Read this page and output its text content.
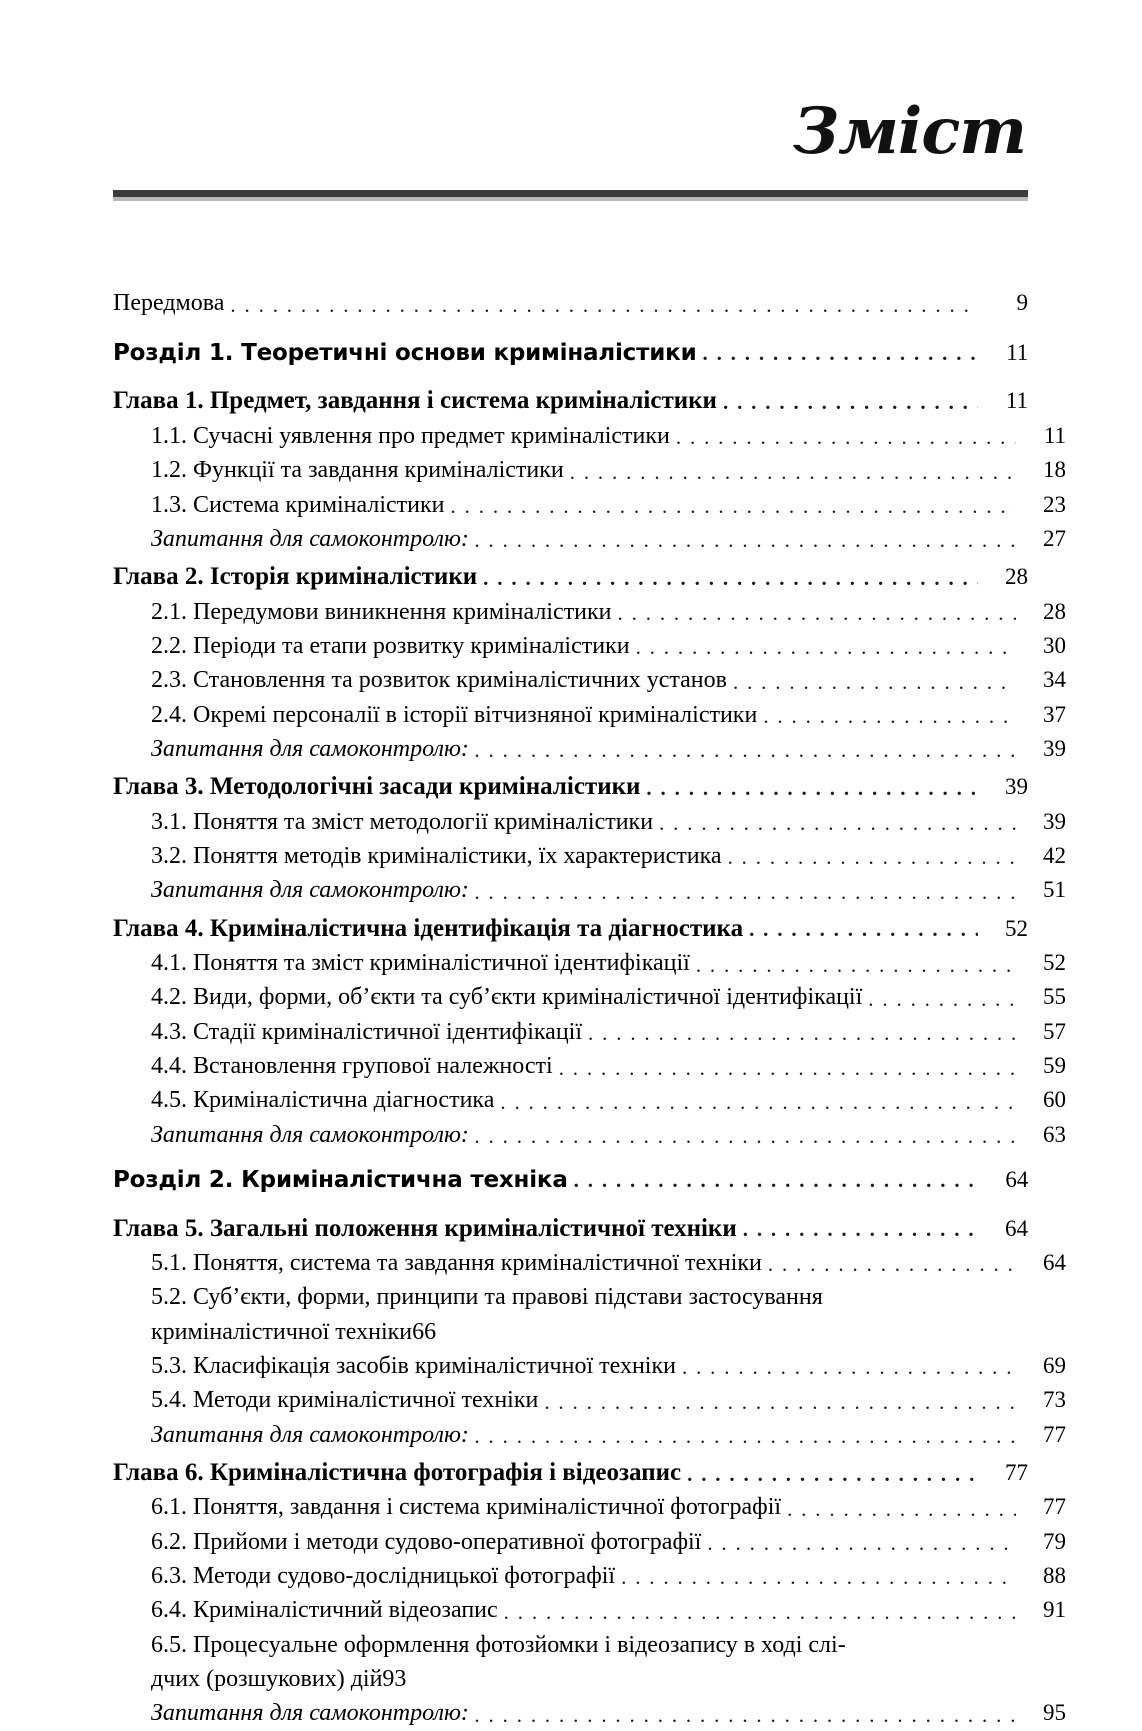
Зміст
Передмова . . .	9
Розділ 1. Теоретичні основи криміналістики . . .	11
Глава 1. Предмет, завдання і система криміналістики . . .	11
1.1. Сучасні уявлення про предмет криміналістики . . .	11
1.2. Функції та завдання криміналістики . . .	18
1.3. Система криміналістики . . .	23
Запитання для самоконтролю: . . .	27
Глава 2. Історія криміналістики . . .	28
2.1. Передумови виникнення криміналістики . . .	28
2.2. Періоди та етапи розвитку криміналістики . . .	30
2.3. Становлення та розвиток криміналістичних установ . . .	34
2.4. Окремі персоналії в історії вітчизняної криміналістики . . .	37
Запитання для самоконтролю: . . .	39
Глава 3. Методологічні засади криміналістики . . .	39
3.1. Поняття та зміст методології криміналістики . . .	39
3.2. Поняття методів криміналістики, їх характеристика . . .	42
Запитання для самоконтролю: . . .	51
Глава 4. Криміналістична ідентифікація та діагностика . . .	52
4.1. Поняття та зміст криміналістичної ідентифікації . . .	52
4.2. Види, форми, об’єкти та суб’єкти криміналістичної ідентифікації . . .	55
4.3. Стадії криміналістичної ідентифікації . . .	57
4.4. Встановлення групової належності . . .	59
4.5. Криміналістична діагностика . . .	60
Запитання для самоконтролю: . . .	63
Розділ 2. Криміналістична техніка . . .	64
Глава 5. Загальні положення криміналістичної техніки . . .	64
5.1. Поняття, система та завдання криміналістичної техніки . . .	64
5.2. Суб’єкти, форми, принципи та правові підстави застосування
криміналістичної техніки 66
5.3. Класифікація засобів криміналістичної техніки . . .	69
5.4. Методи криміналістичної техніки . . .	73
Запитання для самоконтролю: . . .	77
Глава 6. Криміналістична фотографія і відеозапис . . .	77
6.1. Поняття, завдання і система криміналістичної фотографії . . .	77
6.2. Прийоми і методи судово-оперативної фотографії . . .	79
6.3. Методи судово-дослідницької фотографії . . .	88
6.4. Криміналістичний відеозапис . . .	91
6.5. Процесуальне оформлення фотозйомки і відеозапису в ході слі-
дчих (розшукових) дій 93
Запитання для самоконтролю: . . .	95
